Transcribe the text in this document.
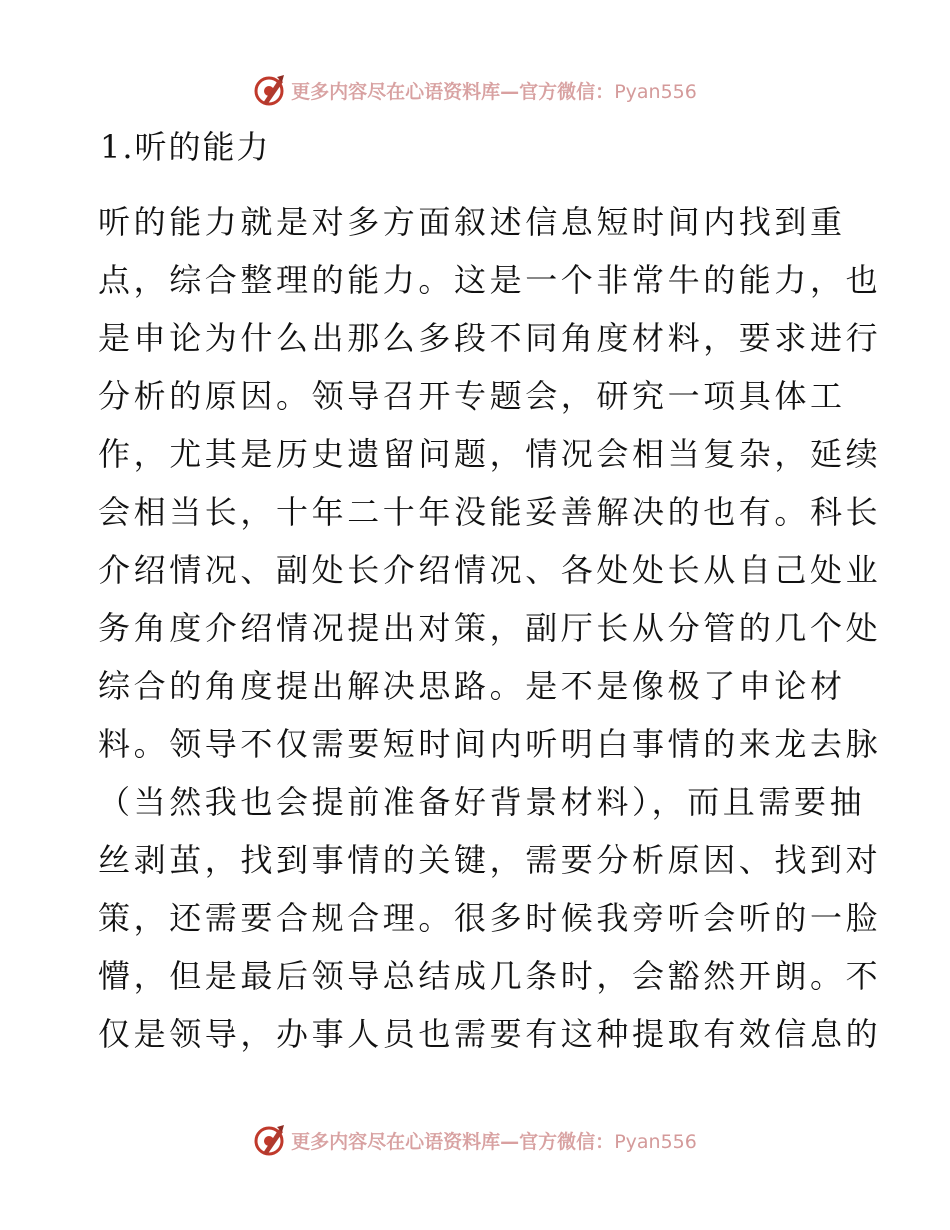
更多内容尽在心语资料库—官方微信：Pyan556
1.听的能力
听的能力就是对多方面叙述信息短时间内找到重
点，综合整理的能力。这是一个非常牛的能力，也
是申论为什么出那么多段不同角度材料，要求进行
分析的原因。领导召开专题会，研究一项具体工
作，尤其是历史遗留问题，情况会相当复杂，延续
会相当长，十年二十年没能妥善解决的也有。科长
介绍情况、副处长介绍情况、各处处长从自己处业
务角度介绍情况提出对策，副厅长从分管的几个处
综合的角度提出解决思路。是不是像极了申论材
料。领导不仅需要短时间内听明白事情的来龙去脉
（当然我也会提前准备好背景材料），而且需要抽
丝剥茧，找到事情的关键，需要分析原因、找到对
策，还需要合规合理。很多时候我旁听会听的一脸
懵，但是最后领导总结成几条时，会豁然开朗。不
仅是领导，办事人员也需要有这种提取有效信息的
更多内容尽在心语资料库—官方微信：Pyan556
